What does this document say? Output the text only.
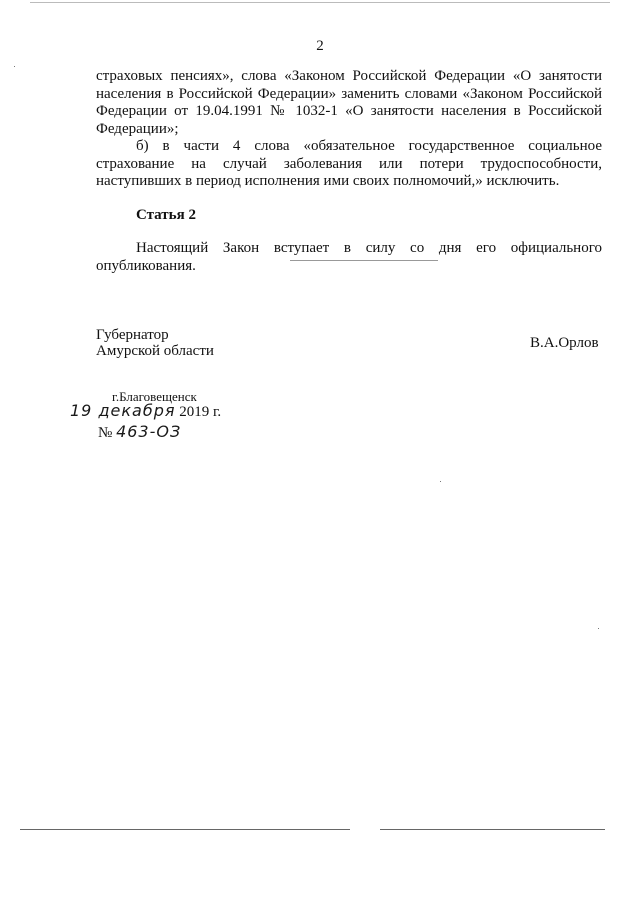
2

страховых пенсиях», слова «Законом Российской Федерации «О занятости населения в Российской Федерации» заменить словами «Законом Российской Федерации от 19.04.1991 № 1032-1 «О занятости населения в Российской Федерации»;

б) в части 4 слова «обязательное государственное социальное страхование на случай заболевания или потери трудоспособности, наступивших в период исполнения ими своих полномочий,» исключить.

Статья 2

Настоящий Закон вступает в силу со дня его официального опубликования.

Губернатор
Амурской области	В.А.Орлов
г.Благовещенск
19 декабря 2019 г.
№ 463-ОЗ
